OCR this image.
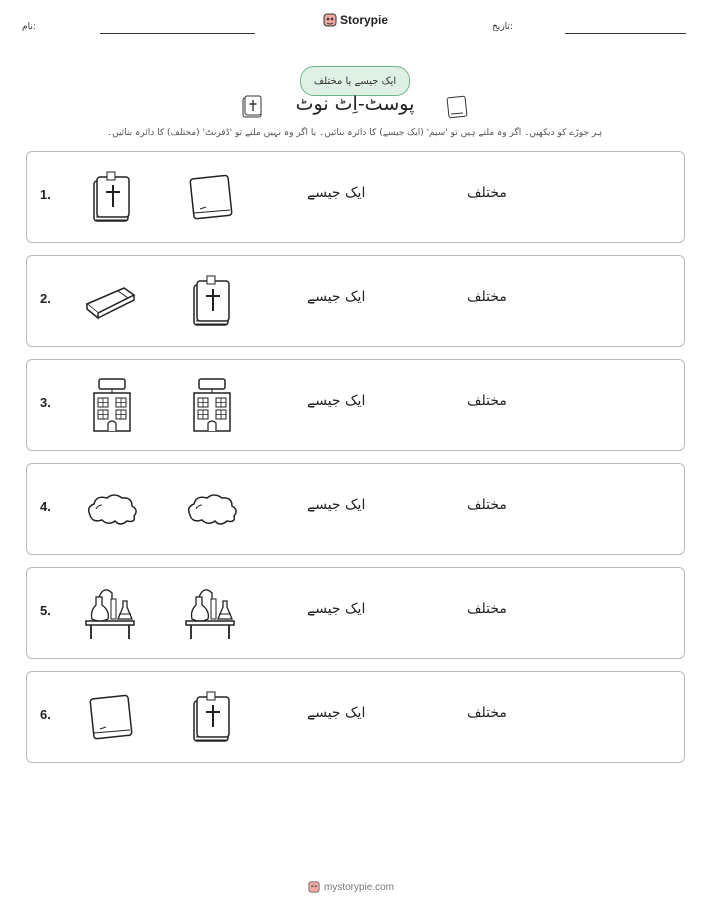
نام:	Storypie	تاریخ:
ایک جیسے یا مختلف
پوسٹ-اِٹ نوٹ
ہر جوڑے کو دیکھیں۔ اگر وہ ملتے ہیں تو 'سیم' (ایک جیسے) کا دائرہ بنائیں۔ یا اگر وہ نہیں ملتے تو 'ڈفرنٹ' (مختلف) کا دائرہ بنائیں۔
1.	ایک جیسے	مختلف
2.	ایک جیسے	مختلف
3.	ایک جیسے	مختلف
4.	ایک جیسے	مختلف
5.	ایک جیسے	مختلف
6.	ایک جیسے	مختلف
mystorypie.com
